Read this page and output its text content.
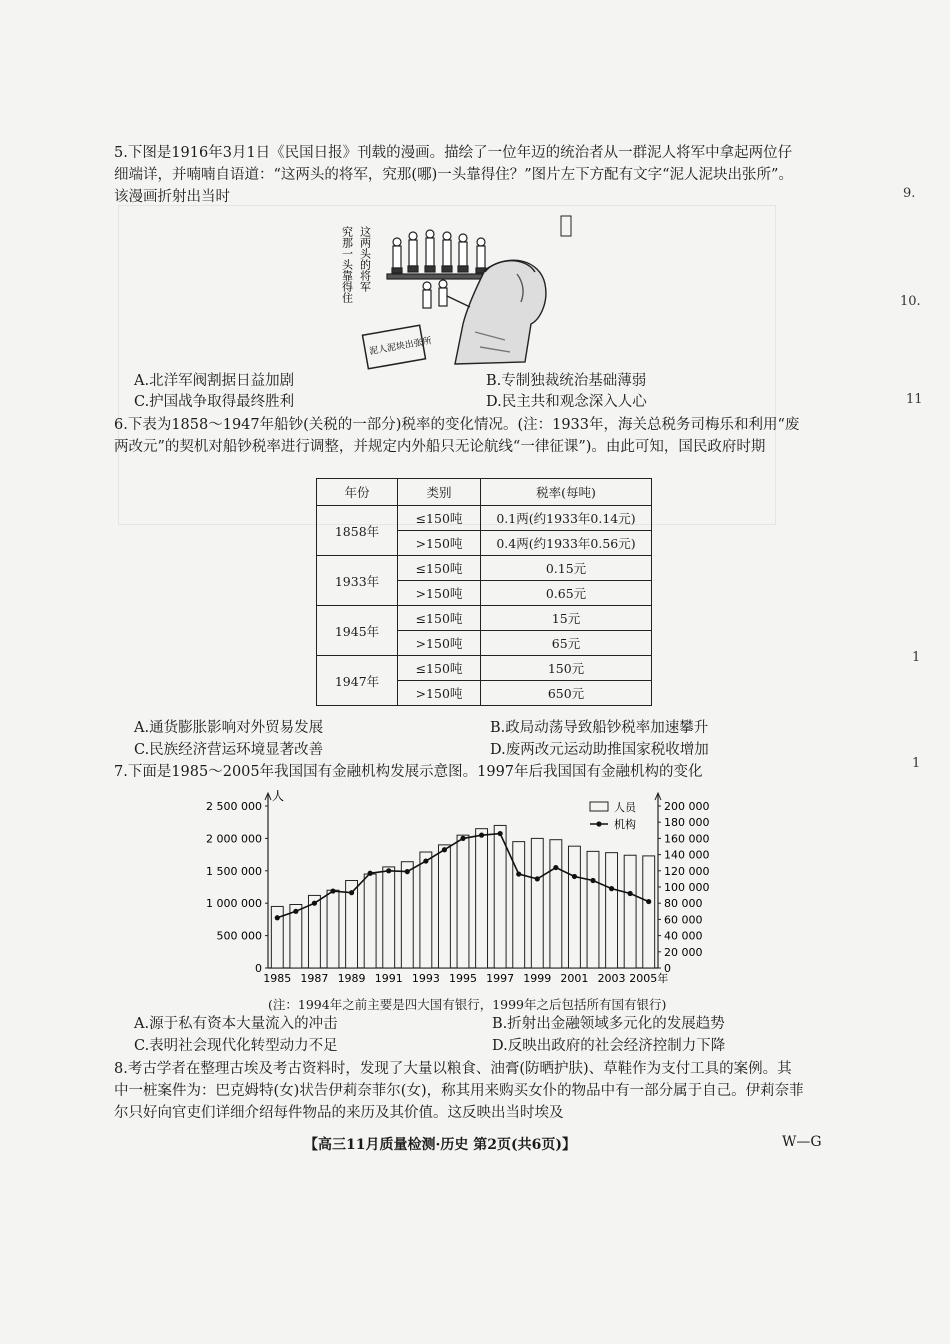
5.下图是1916年3月1日《民国日报》刊载的漫画。描绘了一位年迈的统治者从一群泥人将军中拿起两位仔细端详，并喃喃自语道：“这两头的将军，究那(哪)一头靠得住？”图片左下方配有文字“泥人泥块出张所”。该漫画折射出当时
究那一头靠得住 这两头的将军
泥人泥块出张所
A.北洋军阀割据日益加剧	B.专制独裁统治基础薄弱
C.护国战争取得最终胜利	D.民主共和观念深入人心
6.下表为1858～1947年船钞(关税的一部分)税率的变化情况。(注：1933年，海关总税务司梅乐和利用“废两改元”的契机对船钞税率进行调整，并规定内外船只无论航线“一律征课”)。由此可知，国民政府时期
年份	类别	税率(每吨)
1858年	≤150吨	0.1两(约1933年0.14元)
	>150吨	0.4两(约1933年0.56元)
1933年	≤150吨	0.15元
	>150吨	0.65元
1945年	≤150吨	15元
	>150吨	65元
1947年	≤150吨	150元
	>150吨	650元
A.通货膨胀影响对外贸易发展	B.政局动荡导致船钞税率加速攀升
C.民族经济营运环境显著改善	D.废两改元运动助推国家税收增加
7.下面是1985～2005年我国国有金融机构发展示意图。1997年后我国国有金融机构的变化
人
0
500 000
1 000 000
1 500 000
2 000 000
2 500 000
0
20 000
40 000
60 000
80 000
100 000
120 000
140 000
160 000
180 000
200 000
1985 1987 1989 1991 1993 1995 1997 1999 2001 2003 2005年
人员
机构
(注：1994年之前主要是四大国有银行，1999年之后包括所有国有银行)
A.源于私有资本大量流入的冲击	B.折射出金融领域多元化的发展趋势
C.表明社会现代化转型动力不足	D.反映出政府的社会经济控制力下降
8.考古学者在整理古埃及考古资料时，发现了大量以粮食、油膏(防晒护肤)、草鞋作为支付工具的案例。其中一桩案件为：巴克姆特(女)状告伊莉奈菲尔(女)，称其用来购买女仆的物品中有一部分属于自己。伊莉奈菲尔只好向官吏们详细介绍每件物品的来历及其价值。这反映出当时埃及
9.
10.
11
1
1
【高三11月质量检测·历史 第2页(共6页)】	W—G
